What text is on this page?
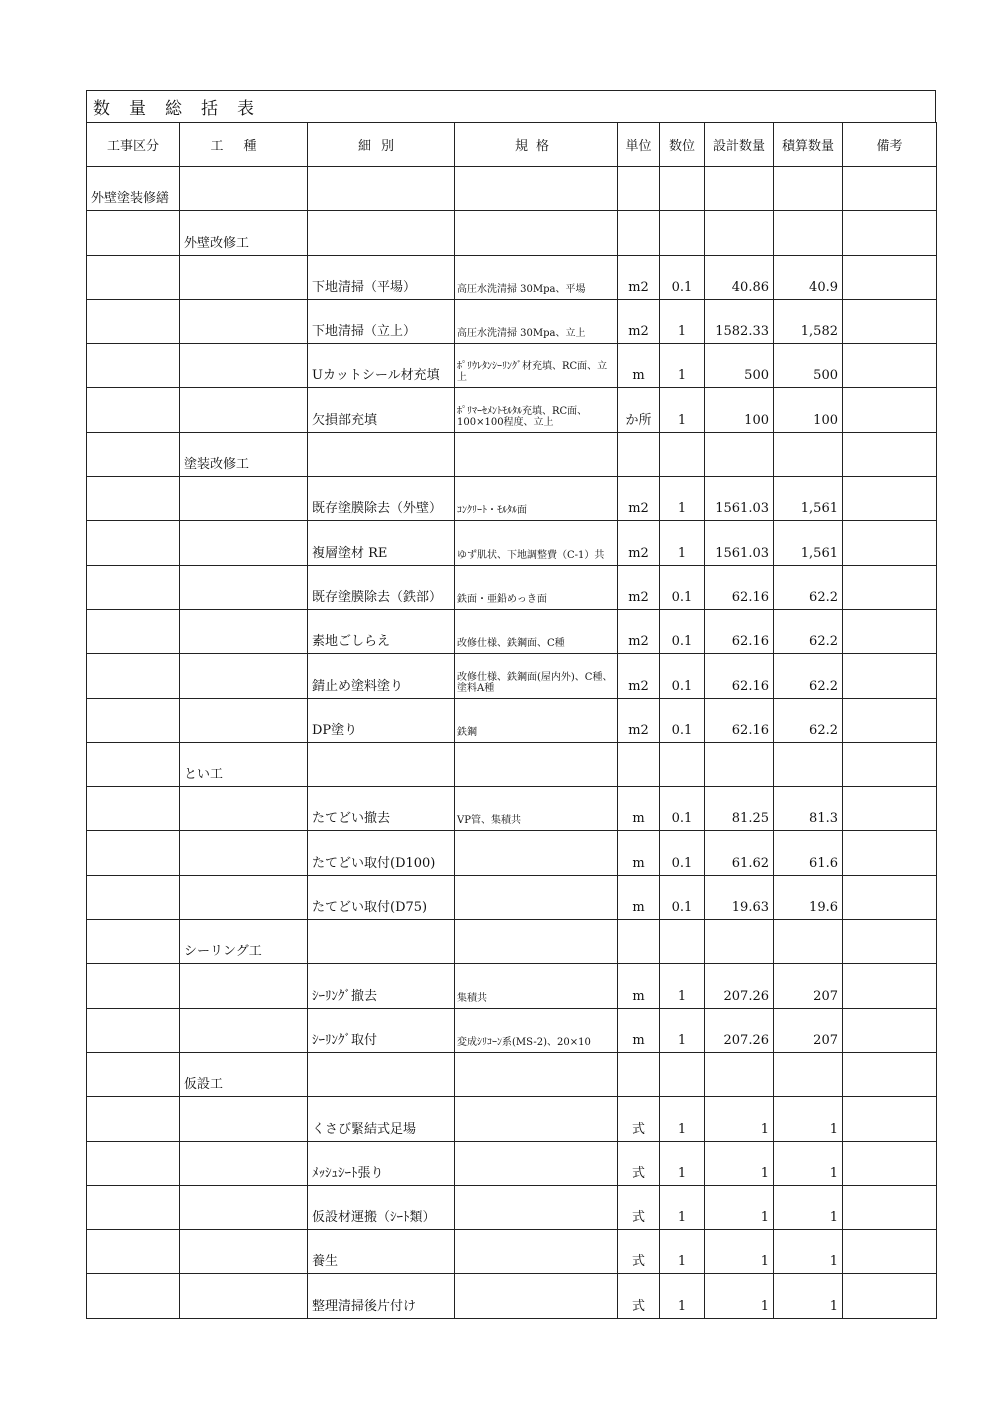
数量総括表
工事区分	工種	細別	規格	単位	数位	設計数量	積算数量	備考
外壁塗装修繕								
	外壁改修工							
		下地清掃（平場）	高圧水洗清掃 30Mpa、平場	m2	0.1	40.86	40.9	
		下地清掃（立上）	高圧水洗清掃 30Mpa、立上	m2	1	1582.33	1,582	
		Uカットシール材充填	ﾎﾟﾘｳﾚﾀﾝｼｰﾘﾝｸﾞ材充填、RC面、立上	m	1	500	500	
		欠損部充填	ﾎﾟﾘﾏｰｾﾒﾝﾄﾓﾙﾀﾙ充填、RC面、100×100程度、立上	か所	1	100	100	
	塗装改修工							
		既存塗膜除去（外壁）	ｺﾝｸﾘｰﾄ・ﾓﾙﾀﾙ面	m2	1	1561.03	1,561	
		複層塗材 RE	ゆず肌状、下地調整費（C-1）共	m2	1	1561.03	1,561	
		既存塗膜除去（鉄部）	鉄面・亜鉛めっき面	m2	0.1	62.16	62.2	
		素地ごしらえ	改修仕様、鉄鋼面、C種	m2	0.1	62.16	62.2	
		錆止め塗料塗り	改修仕様、鉄鋼面(屋内外)、C種、塗料A種	m2	0.1	62.16	62.2	
		DP塗り	鉄鋼	m2	0.1	62.16	62.2	
	とい工							
		たてどい撤去	VP管、集積共	m	0.1	81.25	81.3	
		たてどい取付(D100)		m	0.1	61.62	61.6	
		たてどい取付(D75)		m	0.1	19.63	19.6	
	シーリング工							
		ｼｰﾘﾝｸﾞ撤去	集積共	m	1	207.26	207	
		ｼｰﾘﾝｸﾞ取付	変成ｼﾘｺｰﾝ系(MS-2)、20×10	m	1	207.26	207	
	仮設工							
		くさび緊結式足場		式	1	1	1	
		ﾒｯｼｭｼｰﾄ張り		式	1	1	1	
		仮設材運搬（ｼｰﾄ類）		式	1	1	1	
		養生		式	1	1	1	
		整理清掃後片付け		式	1	1	1	
